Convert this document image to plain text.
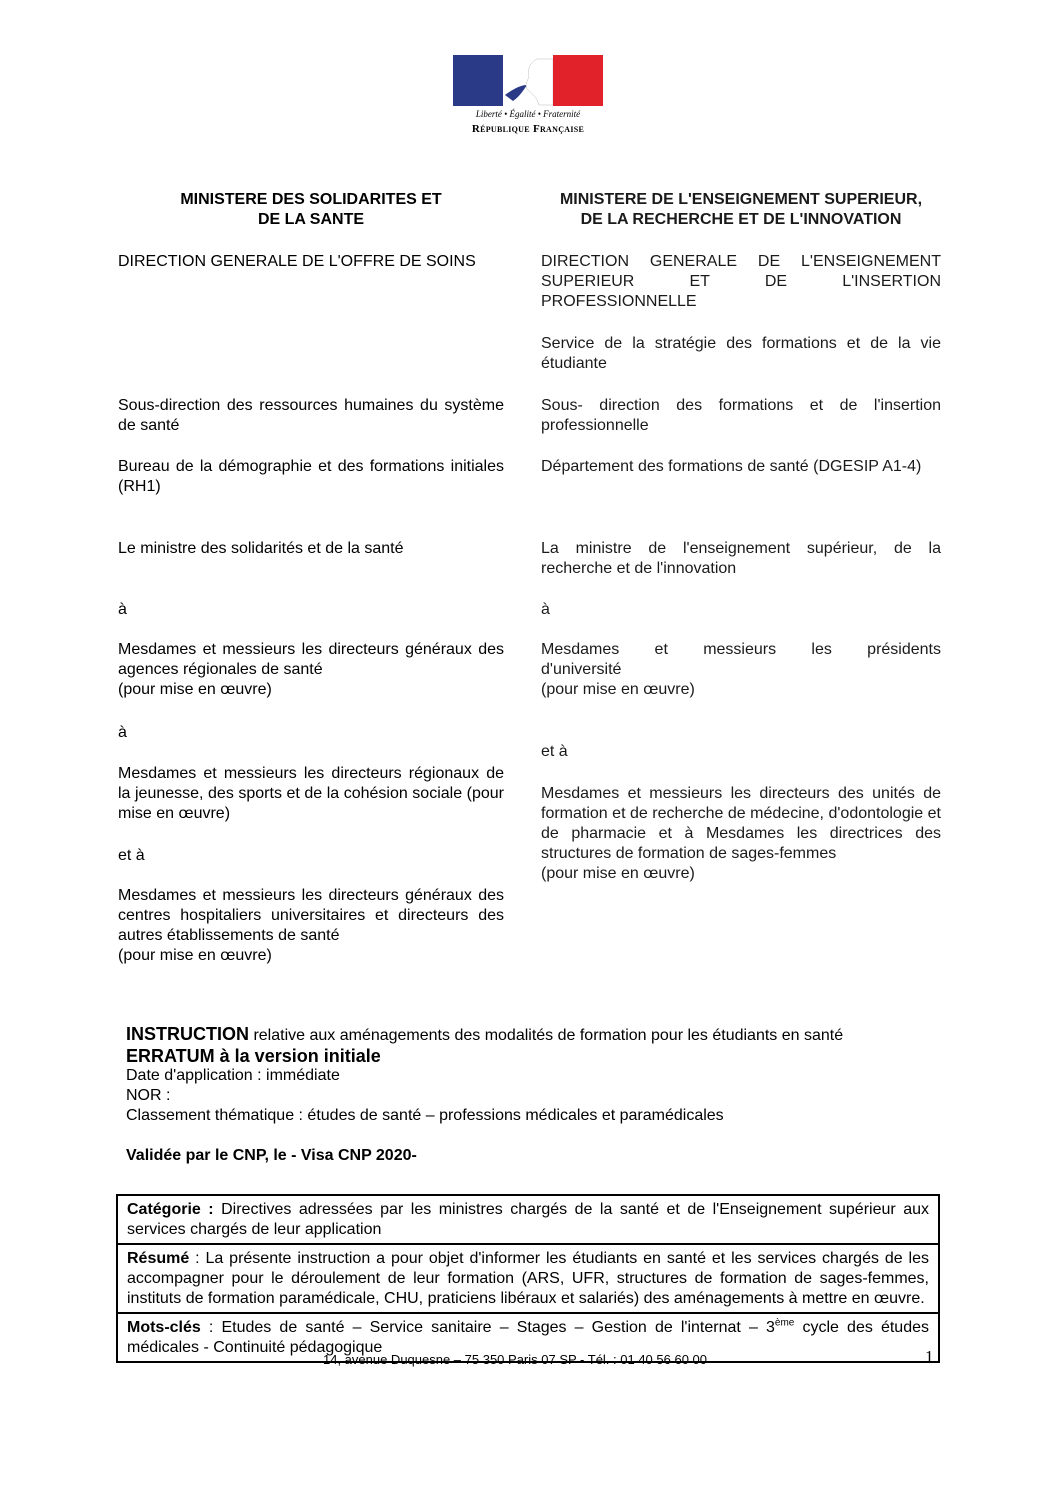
Liberté • Égalité • Fraternité
République Française
MINISTERE DES SOLIDARITES ET
DE LA SANTE
DIRECTION GENERALE DE L'OFFRE DE SOINS
Sous-direction des ressources humaines du système de santé
Bureau de la démographie et des formations initiales (RH1)
Le ministre des solidarités et de la santé
à
Mesdames et messieurs les directeurs généraux des agences régionales de santé
(pour mise en œuvre)
à
Mesdames et messieurs les directeurs régionaux de la jeunesse, des sports et de la cohésion sociale (pour mise en œuvre)
et à
Mesdames et messieurs les directeurs généraux des centres hospitaliers universitaires et directeurs des autres établissements de santé
(pour mise en œuvre)
MINISTERE DE L'ENSEIGNEMENT SUPERIEUR,
DE LA RECHERCHE ET DE L'INNOVATION
DIRECTION GENERALE DE L'ENSEIGNEMENT
SUPERIEUR ET DE L'INSERTION
PROFESSIONNELLE
Service de la stratégie des formations et de la vie étudiante
Sous- direction des formations et de l'insertion professionnelle
Département des formations de santé (DGESIP A1-4)
La ministre de l'enseignement supérieur, de la recherche et de l'innovation
à
Mesdames et messieurs les présidents
d'université
(pour mise en œuvre)
et à
Mesdames et messieurs les directeurs des unités de formation et de recherche de médecine, d'odontologie et de pharmacie et à Mesdames les directrices des structures de formation de sages-femmes
(pour mise en œuvre)
INSTRUCTION relative aux aménagements des modalités de formation pour les étudiants en santé
ERRATUM à la version initiale
Date d'application : immédiate
NOR :
Classement thématique : études de santé – professions médicales et paramédicales
Validée par le CNP, le - Visa CNP 2020-
Catégorie : Directives adressées par les ministres chargés de la santé et de l'Enseignement supérieur aux services chargés de leur application
Résumé : La présente instruction a pour objet d'informer les étudiants en santé et les services chargés de les accompagner pour le déroulement de leur formation (ARS, UFR, structures de formation de sages-femmes, instituts de formation paramédicale, CHU, praticiens libéraux et salariés) des aménagements à mettre en œuvre.
Mots-clés : Etudes de santé – Service sanitaire – Stages – Gestion de l'internat – 3ème cycle des études médicales - Continuité pédagogique
14, avenue Duquesne – 75 350 Paris 07 SP - Tél. : 01 40 56 60 00	1
